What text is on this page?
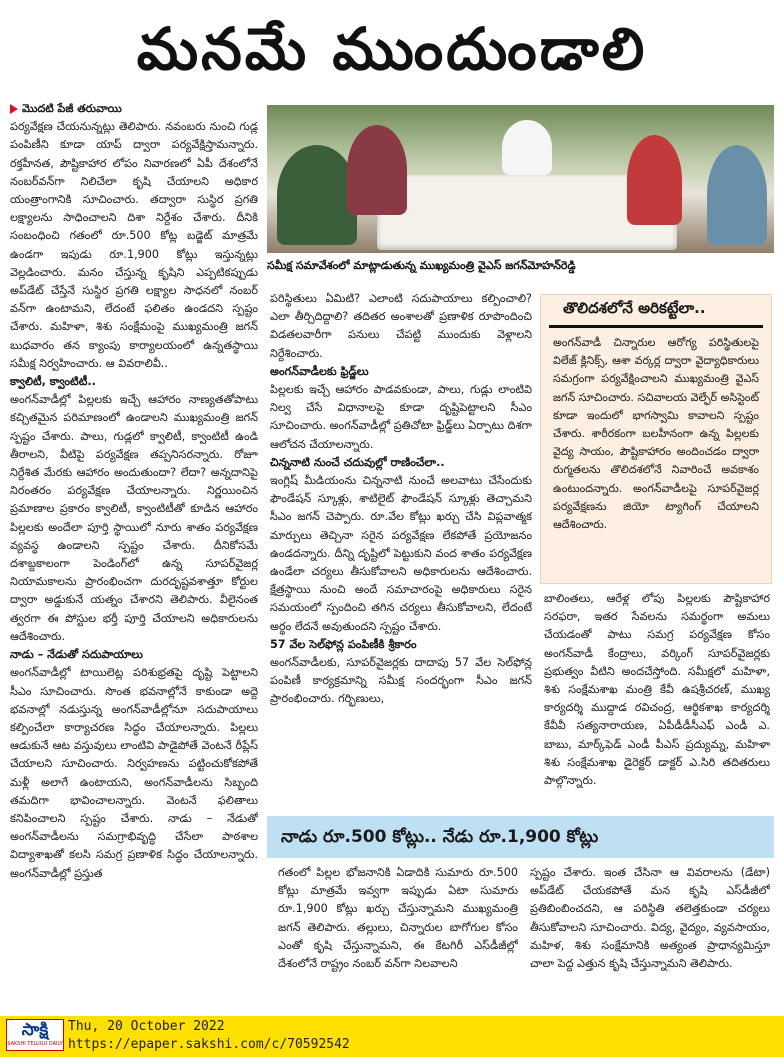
మనమే ముందుండాలి
మొదటి పేజీ తరువాయి

పర్యవేక్షణ చేయనున్నట్లు తెలిపారు. నవంబరు నుంచి గుడ్ల పంపిణీని కూడా యాప్ ద్వారా పర్యవేక్షిస్తామన్నారు. రక్తహీనత, పౌష్టికాహార లోపం నివారణలో ఏపీ దేశంలోనే నంబర్‌వన్‌గా నిలిచేలా కృషి చేయాలని అధికార యంత్రాంగానికి సూచించారు. తద్వారా సుస్థిర ప్రగతి లక్ష్యాలను సాధించాలని దిశా నిర్దేశం చేశారు. దీనికి సంబంధించి గతంలో రూ.500 కోట్ల బడ్జెట్ మాత్రమే ఉండగా ఇపుడు రూ.1,900 కోట్లు ఇస్తున్నట్లు వెల్లడించారు. మనం చేస్తున్న కృషిని ఎప్పటికప్పుడు అప్‌డేట్ చేస్తేనే సుస్థిర ప్రగతి లక్ష్యాల సాధనలో నంబర్ వన్‌గా ఉంటామని, లేదంటే ఫలితం ఉండదని స్పష్టం చేశారు. మహిళా, శిశు సంక్షేమంపై ముఖ్యమంత్రి జగన్ బుధవారం తన క్యాంపు కార్యాలయంలో ఉన్నతస్థాయి సమీక్ష నిర్వహించారు. ఆ వివరాలివీ..

క్వాలిటీ, క్వాంటిటీ..

అంగన్‌వాడీల్లో పిల్లలకు ఇచ్చే ఆహారం నాణ్యతతోపాటు కచ్చితమైన పరిమాణంలో ఉండాలని ముఖ్యమంత్రి జగన్ స్పష్టం చేశారు. పాలు, గుడ్లలో క్వాలిటీ, క్వాంటిటీ ఉండి తీరాలని, వీటిపై పర్యవేక్షణ తప్పనిసరన్నారు. రోజూ నిర్దేశిత మేరకు ఆహారం అందుతుందా? లేదా? అన్నదానిపై నిరంతరం పర్యవేక్షణ చేయాలన్నారు. నిర్ణయించిన ప్రమాణాల ప్రకారం క్వాలిటీ, క్వాంటిటీతో కూడిన ఆహారం పిల్లలకు అందేలా పూర్తి స్థాయిలో నూరు శాతం పర్యవేక్షణ వ్యవస్థ ఉండాలని స్పష్టం చేశారు. దీనికోసమే దశాబ్దకాలంగా పెండింగ్‌లో ఉన్న సూపర్‌వైజర్ల నియామకాలను ప్రారంభించగా దురదృష్టవశాత్తూ కోర్టుల ద్వారా అడ్డుకునే యత్నం చేశారని తెలిపారు. వీలైనంత త్వరగా ఈ పోస్టుల భర్తీ పూర్తి చేయాలని అధికారులను ఆదేశించారు.

నాడు – నేడుతో సదుపాయాలు

అంగన్‌వాడీల్లో టాయిలెట్ల పరిశుభ్రతపై దృష్టి పెట్టాలని సీఎం సూచించారు. సొంత భవనాల్లోనే కాకుండా అద్దె భవనాల్లో నడుస్తున్న అంగన్‌వాడీల్లోనూ సదుపాయాలు కల్పించేలా కార్యాచరణ సిద్ధం చేయాలన్నారు. పిల్లలు ఆడుకునే ఆట వస్తువులు లాంటివి పాడైపోతే వెంటనే రీప్లేస్ చేయాలని సూచించారు. నిర్వహణను పట్టించుకోకపోతే మళ్లీ అలాగే ఉంటాయని, అంగన్‌వాడీలను సిబ్బంది తమదిగా భావించాలన్నారు. వెంటనే ఫలితాలు కనిపించాలని స్పష్టం చేశారు. నాడు – నేడుతో అంగన్‌వాడీలను సమగ్రాభివృద్ధి చేసేలా పాఠశాల విద్యాశాఖతో కలసి సమగ్ర ప్రణాళిక సిద్ధం చేయాలన్నారు. అంగన్‌వాడీల్లో ప్రస్తుత

సమీక్ష సమావేశంలో మాట్లాడుతున్న ముఖ్యమంత్రి వైఎస్ జగన్‌మోహన్‌రెడ్డి

పరిస్థితులు ఏమిటి? ఎలాంటి సదుపాయాలు కల్పించాలి? ఎలా తీర్చిదిద్దాలి? తదితర అంశాలతో ప్రణాళిక రూపొందించి విడతలవారీగా పనులు చేపట్టి ముందుకు వెళ్లాలని నిర్దేశించారు.

అంగన్‌వాడీలకు ఫ్రిడ్జ్‌లు

పిల్లలకు ఇచ్చే ఆహారం పాడవకుండా, పాలు, గుడ్లు లాంటివి నిల్వ చేసే విధానాలపై కూడా దృష్టిపెట్టాలని సీఎం సూచించారు. అంగన్‌వాడీల్లో ప్రతిచోటా ఫ్రిడ్జ్‌లు ఏర్పాటు దిశగా ఆలోచన చేయాలన్నారు.

చిన్ననాటి నుంచే చదువుల్లో రాణించేలా..

ఇంగ్లిష్ మీడియంను చిన్ననాటి నుంచే అలవాటు చేసేందుకు ఫౌండేషన్ స్కూళ్లు, శాటిలైట్ ఫౌండేషన్ స్కూళ్లు తెచ్చామని సీఎం జగన్ చెప్పారు. రూ.వేల కోట్లు ఖర్చు చేసి విప్లవాత్మక మార్పులు తెచ్చినా సరైన పర్యవేక్షణ లేకపోతే ప్రయోజనం ఉండదన్నారు. దీన్ని దృష్టిలో పెట్టుకుని వంద శాతం పర్యవేక్షణ ఉండేలా చర్యలు తీసుకోవాలని అధికారులను ఆదేశించారు. క్షేత్రస్థాయి నుంచి అందే సమాచారంపై అధికారులు సరైన సమయంలో స్పందించి తగిన చర్యలు తీసుకోవాలని, లేదంటే అర్థం లేదనే అవుతుందని స్పష్టం చేశారు.

57 వేల సెల్‌ఫోన్ల పంపిణీకి శ్రీకారం

అంగన్‌వాడీలకు, సూపర్‌వైజర్లకు దాదాపు 57 వేల సెల్‌ఫోన్ల పంపిణీ కార్యక్రమాన్ని సమీక్ష సందర్భంగా సీఎం జగన్ ప్రారంభించారు. గర్భిణులు,

తొలిదశలోనే అరికట్టేలా..
అంగన్‌వాడీ చిన్నారుల ఆరోగ్య పరిస్థితులపై విలేజ్ క్లినిక్స్, ఆశా వర్కర్ల ద్వారా వైద్యాధికారులు సమగ్రంగా పర్యవేక్షించాలని ముఖ్యమంత్రి వైఎస్ జగన్ సూచించారు. సచివాలయ వెల్ఫేర్ అసిస్టెంట్ కూడా ఇందులో భాగస్వామి కావాలని స్పష్టం చేశారు. శారీరకంగా బలహీనంగా ఉన్న పిల్లలకు వైద్య సాయం, పౌష్టికాహారం అందించడం ద్వారా రుగ్మతలను తొలిదశలోనే నివారించే అవకాశం ఉంటుందన్నారు. అంగన్‌వాడీలపై సూపర్‌వైజర్ల పర్యవేక్షణను జియో ట్యాగింగ్ చేయాలని ఆదేశించారు.

బాలింతలు, ఆరేళ్ల లోపు పిల్లలకు పౌష్టికాహార సరఫరా, ఇతర సేవలను సమర్థంగా అమలు చేయడంతో పాటు సమగ్ర పర్యవేక్షణ కోసం అంగన్‌వాడీ కేంద్రాలు, వర్కింగ్ సూపర్‌వైజర్లకు ప్రభుత్వం వీటిని అందచేస్తోంది. సమీక్షలో మహిళా, శిశు సంక్షేమశాఖ మంత్రి కేవీ ఉషశ్రీచరణ్, ముఖ్య కార్యదర్శి ముద్దాడ రవిచంద్ర, ఆర్థికశాఖ కార్యదర్శి కేవీవీ సత్యనారాయణ, ఏపీడీడీసీఎఫ్ ఎండీ ఎ. బాబు, మార్క్‌ఫెడ్ ఎండీ పీఎస్ ప్రద్యుమ్న, మహిళా శిశు సంక్షేమశాఖ డైరెక్టర్ డాక్టర్ ఎ.సిరి తదితరులు పాల్గొన్నారు.

నాడు రూ.500 కోట్లు.. నేడు రూ.1,900 కోట్లు

గతంలో పిల్లల భోజనానికి ఏడాదికి సుమారు రూ.500 కోట్లు మాత్రమే ఇవ్వగా ఇప్పుడు ఏటా సుమారు రూ.1,900 కోట్లు ఖర్చు చేస్తున్నామని ముఖ్యమంత్రి జగన్ తెలిపారు. తల్లులు, చిన్నారుల బాగోగుల కోసం ఎంతో కృషి చేస్తున్నామని, ఈ కేటగిరీ ఎస్‌డీజీల్లో దేశంలోనే రాష్ట్రం నంబర్ వన్‌గా నిలవాలని

స్పష్టం చేశారు. ఇంత చేసినా ఆ వివరాలను (డేటా) అప్‌డేట్ చేయకపోతే మన కృషి ఎస్‌డీజీలో ప్రతిబింబించదని, ఆ పరిస్థితి తలెత్తకుండా చర్యలు తీసుకోవాలని సూచించారు. విద్య, వైద్యం, వ్యవసాయం, మహిళ, శిశు సంక్షేమానికి అత్యంత ప్రాధాన్యమిస్తూ చాలా పెద్ద ఎత్తున కృషి చేస్తున్నామని తెలిపారు.

సాక్షి
SAKSHI TELUGU DAILY
Thu, 20 October 2022
https://epaper.sakshi.com/c/70592542
